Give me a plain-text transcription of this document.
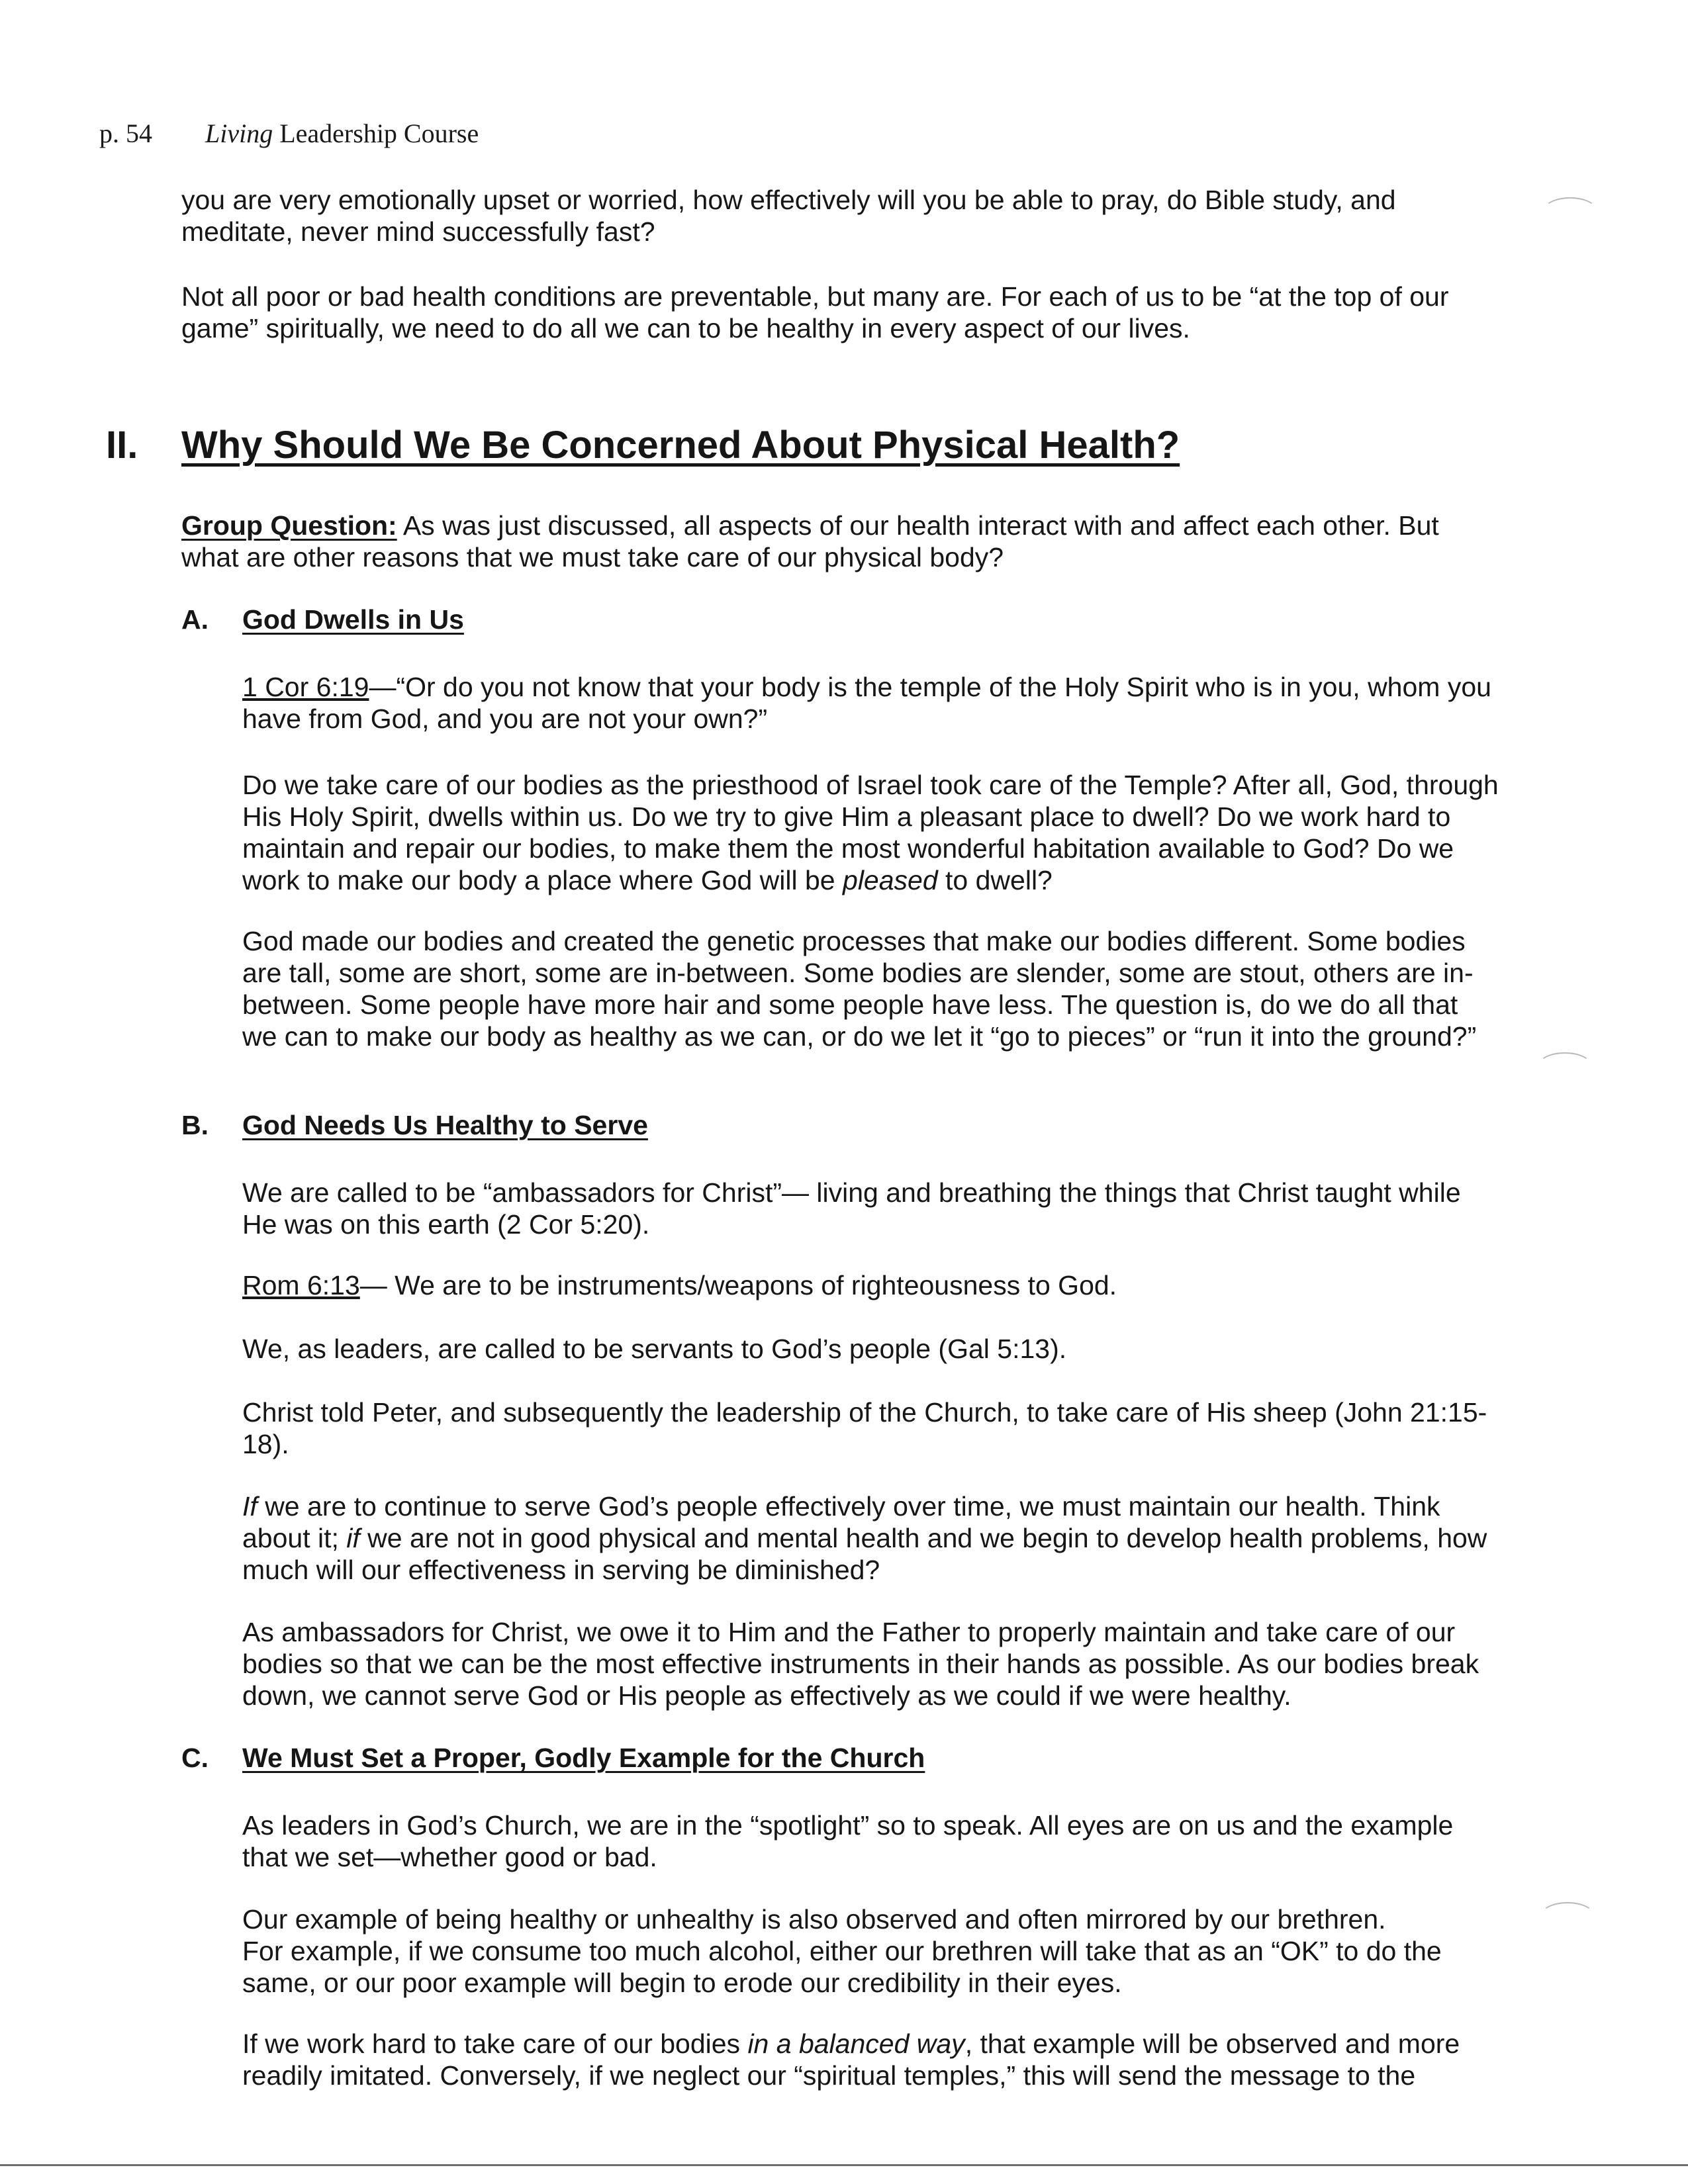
p. 54 Living Leadership Course

you are very emotionally upset or worried, how effectively will you be able to pray, do Bible study, and meditate, never mind successfully fast?

Not all poor or bad health conditions are preventable, but many are. For each of us to be “at the top of our game” spiritually, we need to do all we can to be healthy in every aspect of our lives.

II. Why Should We Be Concerned About Physical Health?

Group Question: As was just discussed, all aspects of our health interact with and affect each other. But what are other reasons that we must take care of our physical body?

A. God Dwells in Us

1 Cor 6:19—“Or do you not know that your body is the temple of the Holy Spirit who is in you, whom you have from God, and you are not your own?”

Do we take care of our bodies as the priesthood of Israel took care of the Temple? After all, God, through His Holy Spirit, dwells within us. Do we try to give Him a pleasant place to dwell? Do we work hard to maintain and repair our bodies, to make them the most wonderful habitation available to God? Do we work to make our body a place where God will be pleased to dwell?

God made our bodies and created the genetic processes that make our bodies different. Some bodies are tall, some are short, some are in-between. Some bodies are slender, some are stout, others are in-between. Some people have more hair and some people have less. The question is, do we do all that we can to make our body as healthy as we can, or do we let it “go to pieces” or “run it into the ground?”

B. God Needs Us Healthy to Serve

We are called to be “ambassadors for Christ”— living and breathing the things that Christ taught while He was on this earth (2 Cor 5:20).

Rom 6:13— We are to be instruments/weapons of righteousness to God.

We, as leaders, are called to be servants to God’s people (Gal 5:13).

Christ told Peter, and subsequently the leadership of the Church, to take care of His sheep (John 21:15-18).

If we are to continue to serve God’s people effectively over time, we must maintain our health. Think about it; if we are not in good physical and mental health and we begin to develop health problems, how much will our effectiveness in serving be diminished?

As ambassadors for Christ, we owe it to Him and the Father to properly maintain and take care of our bodies so that we can be the most effective instruments in their hands as possible. As our bodies break down, we cannot serve God or His people as effectively as we could if we were healthy.

C. We Must Set a Proper, Godly Example for the Church

As leaders in God’s Church, we are in the “spotlight” so to speak. All eyes are on us and the example that we set—whether good or bad.

Our example of being healthy or unhealthy is also observed and often mirrored by our brethren.
For example, if we consume too much alcohol, either our brethren will take that as an “OK” to do the same, or our poor example will begin to erode our credibility in their eyes.

If we work hard to take care of our bodies in a balanced way, that example will be observed and more readily imitated. Conversely, if we neglect our “spiritual temples,” this will send the message to the
